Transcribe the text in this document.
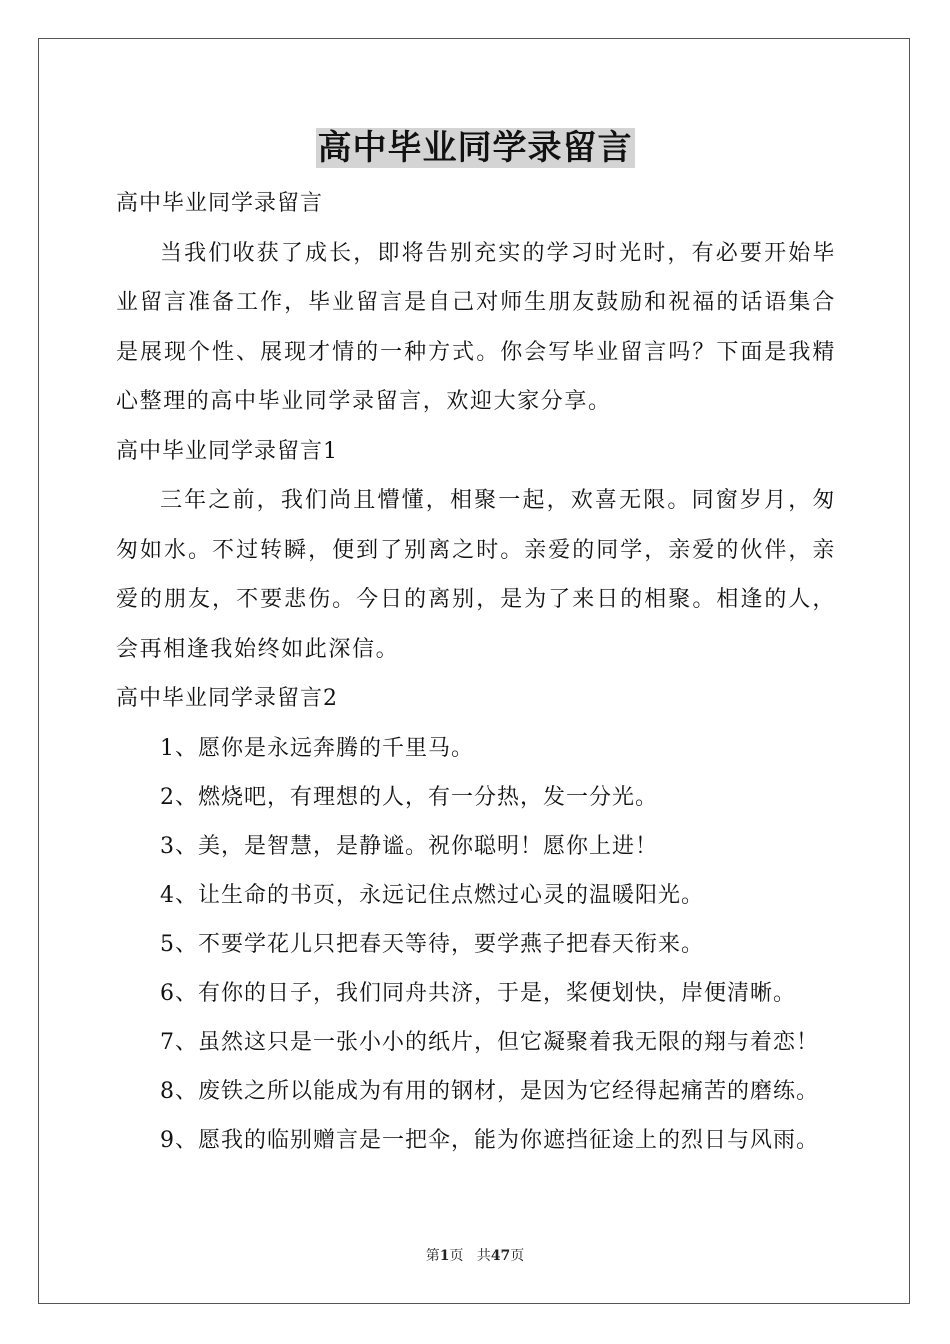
高中毕业同学录留言
高中毕业同学录留言
当我们收获了成长，即将告别充实的学习时光时，有必要开始毕业留言准备工作，毕业留言是自己对师生朋友鼓励和祝福的话语集合是展现个性、展现才情的一种方式。你会写毕业留言吗？下面是我精心整理的高中毕业同学录留言，欢迎大家分享。
高中毕业同学录留言1
三年之前，我们尚且懵懂，相聚一起，欢喜无限。同窗岁月，匆匆如水。不过转瞬，便到了别离之时。亲爱的同学，亲爱的伙伴，亲爱的朋友，不要悲伤。今日的离别，是为了来日的相聚。相逢的人，会再相逢我始终如此深信。
高中毕业同学录留言2
1、愿你是永远奔腾的千里马。
2、燃烧吧，有理想的人，有一分热，发一分光。
3、美，是智慧，是静谧。祝你聪明！愿你上进！
4、让生命的书页，永远记住点燃过心灵的温暖阳光。
5、不要学花儿只把春天等待，要学燕子把春天衔来。
6、有你的日子，我们同舟共济，于是，桨便划快，岸便清晰。
7、虽然这只是一张小小的纸片，但它凝聚着我无限的翔与着恋！
8、废铁之所以能成为有用的钢材，是因为它经得起痛苦的磨练。
9、愿我的临别赠言是一把伞，能为你遮挡征途上的烈日与风雨。
第1页 共47页
